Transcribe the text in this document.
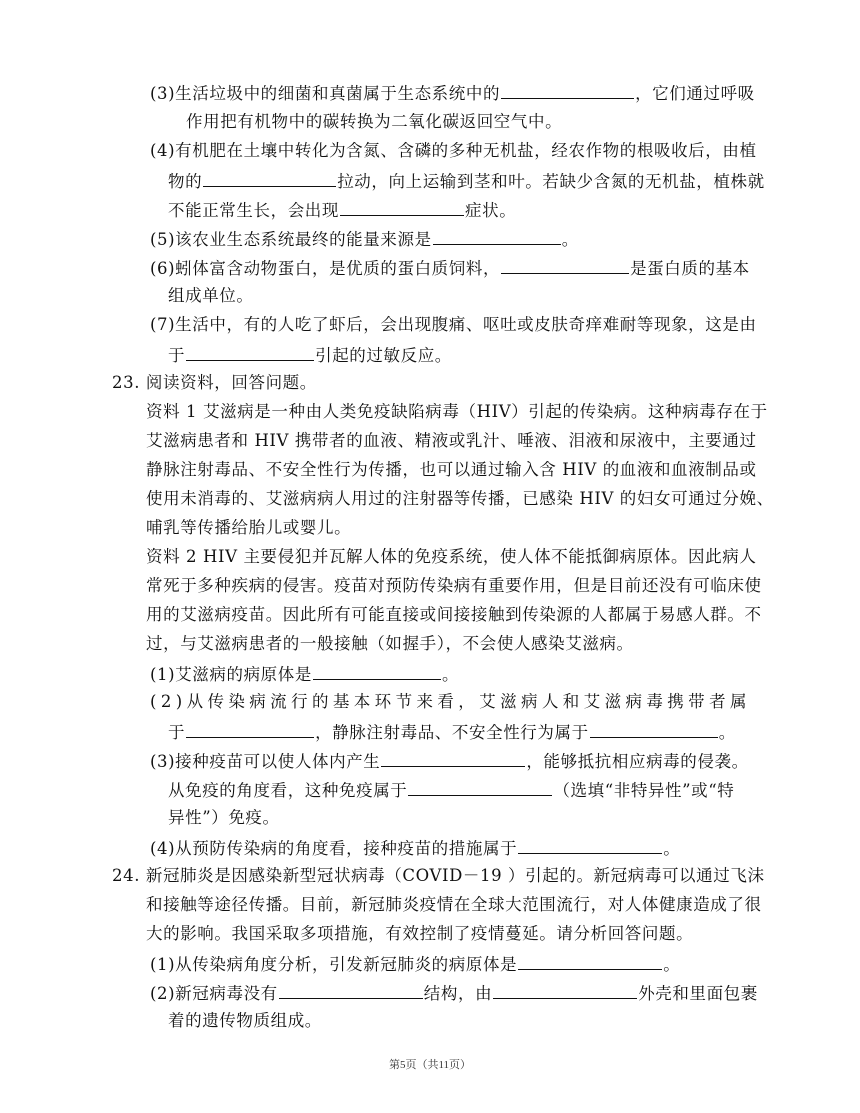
(3)生活垃圾中的细菌和真菌属于生态系统中的	，它们通过呼吸
作用把有机物中的碳转换为二氧化碳返回空气中。
(4)有机肥在土壤中转化为含氮、含磷的多种无机盐，经农作物的根吸收后，由植
物的	拉动，向上运输到茎和叶。若缺少含氮的无机盐，植株就
不能正常生长，会出现	症状。
(5)该农业生态系统最终的能量来源是	。
(6)蚓体富含动物蛋白，是优质的蛋白质饲料，	是蛋白质的基本
组成单位。
(7)生活中，有的人吃了虾后，会出现腹痛、呕吐或皮肤奇痒难耐等现象，这是由
于	引起的过敏反应。
23. 阅读资料，回答问题。
资料 1 艾滋病是一种由人类免疫缺陷病毒（HIV）引起的传染病。这种病毒存在于
艾滋病患者和 HIV 携带者的血液、精液或乳汁、唾液、泪液和尿液中，主要通过
静脉注射毒品、不安全性行为传播，也可以通过输入含 HIV 的血液和血液制品或
使用未消毒的、艾滋病病人用过的注射器等传播，已感染 HIV 的妇女可通过分娩、
哺乳等传播给胎儿或婴儿。
资料 2 HIV 主要侵犯并瓦解人体的免疫系统，使人体不能抵御病原体。因此病人
常死于多种疾病的侵害。疫苗对预防传染病有重要作用，但是目前还没有可临床使
用的艾滋病疫苗。因此所有可能直接或间接接触到传染源的人都属于易感人群。不
过，与艾滋病患者的一般接触（如握手），不会使人感染艾滋病。
(1)艾滋病的病原体是	。
(2)从传染病流行的基本环节来看，艾滋病人和艾滋病毒携带者属
于	，静脉注射毒品、不安全性行为属于	。
(3)接种疫苗可以使人体内产生	，能够抵抗相应病毒的侵袭。
从免疫的角度看，这种免疫属于	（选填“非特异性”或“特
异性”）免疫。
(4)从预防传染病的角度看，接种疫苗的措施属于	。
24. 新冠肺炎是因感染新型冠状病毒（COVID－19 ）引起的。新冠病毒可以通过飞沫
和接触等途径传播。目前，新冠肺炎疫情在全球大范围流行，对人体健康造成了很
大的影响。我国采取多项措施，有效控制了疫情蔓延。请分析回答问题。
(1)从传染病角度分析，引发新冠肺炎的病原体是	。
(2)新冠病毒没有	结构，由	外壳和里面包裹
着的遗传物质组成。
第5页（共11页）
